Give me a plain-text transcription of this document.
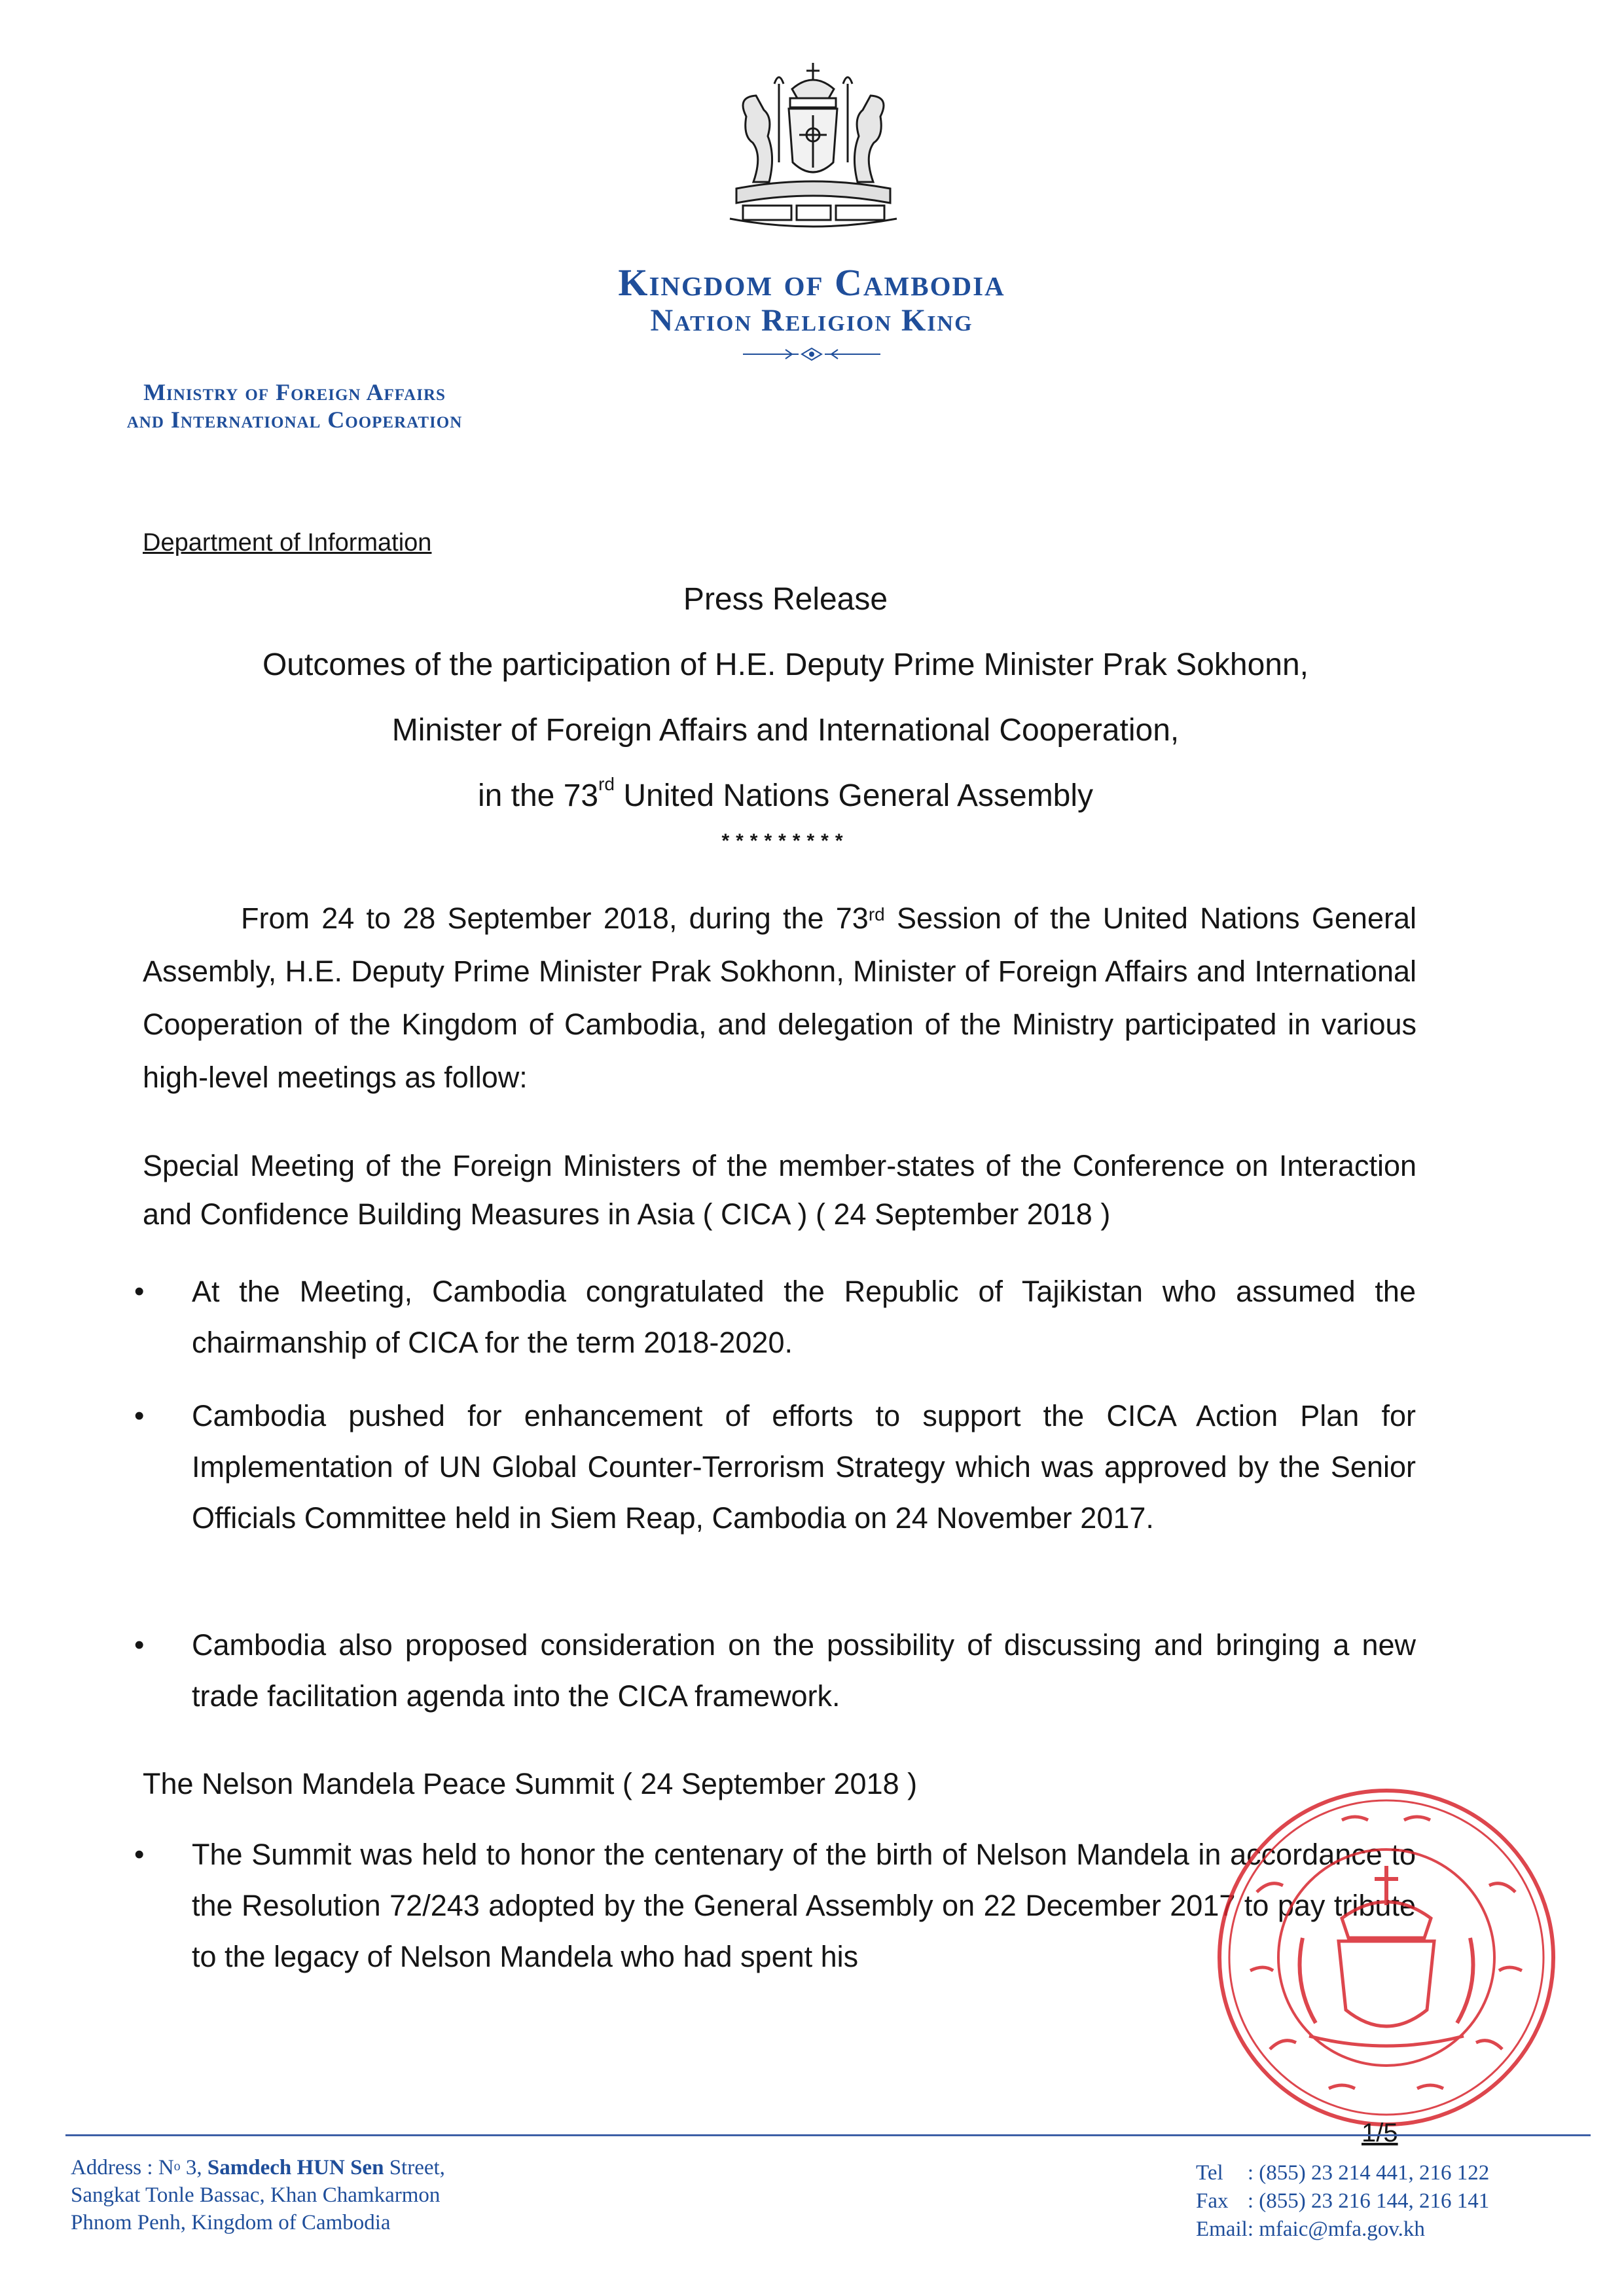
Kingdom of Cambodia
Nation Religion King
Ministry of Foreign Affairs
and International Cooperation
Department of Information
Press Release
Outcomes of the participation of H.E. Deputy Prime Minister Prak Sokhonn,
Minister of Foreign Affairs and International Cooperation,
in the 73rd United Nations General Assembly
*********
From 24 to 28 September 2018, during the 73rd Session of the United Nations General Assembly, H.E. Deputy Prime Minister Prak Sokhonn, Minister of Foreign Affairs and International Cooperation of the Kingdom of Cambodia, and delegation of the Ministry participated in various high-level meetings as follow:
Special Meeting of the Foreign Ministers of the member-states of the Conference on Interaction and Confidence Building Measures in Asia ( CICA ) ( 24 September 2018 )
• At the Meeting, Cambodia congratulated the Republic of Tajikistan who assumed the chairmanship of CICA for the term 2018-2020.
• Cambodia pushed for enhancement of efforts to support the CICA Action Plan for Implementation of UN Global Counter-Terrorism Strategy which was approved by the Senior Officials Committee held in Siem Reap, Cambodia on 24 November 2017.
• Cambodia also proposed consideration on the possibility of discussing and bringing a new trade facilitation agenda into the CICA framework.
The Nelson Mandela Peace Summit ( 24 September 2018 )
• The Summit was held to honor the centenary of the birth of Nelson Mandela in accordance to the Resolution 72/243 adopted by the General Assembly on 22 December 2017 to pay tribute to the legacy of Nelson Mandela who had spent his
1/5
Address : $N^o$ 3, Samdech HUN Sen Street,
Sangkat Tonle Bassac, Khan Chamkarmon
Phnom Penh, Kingdom of Cambodia
Tel	: (855) 23 214 441, 216 122
Fax	: (855) 23 216 144, 216 141
Email	: mfaic@mfa.gov.kh
